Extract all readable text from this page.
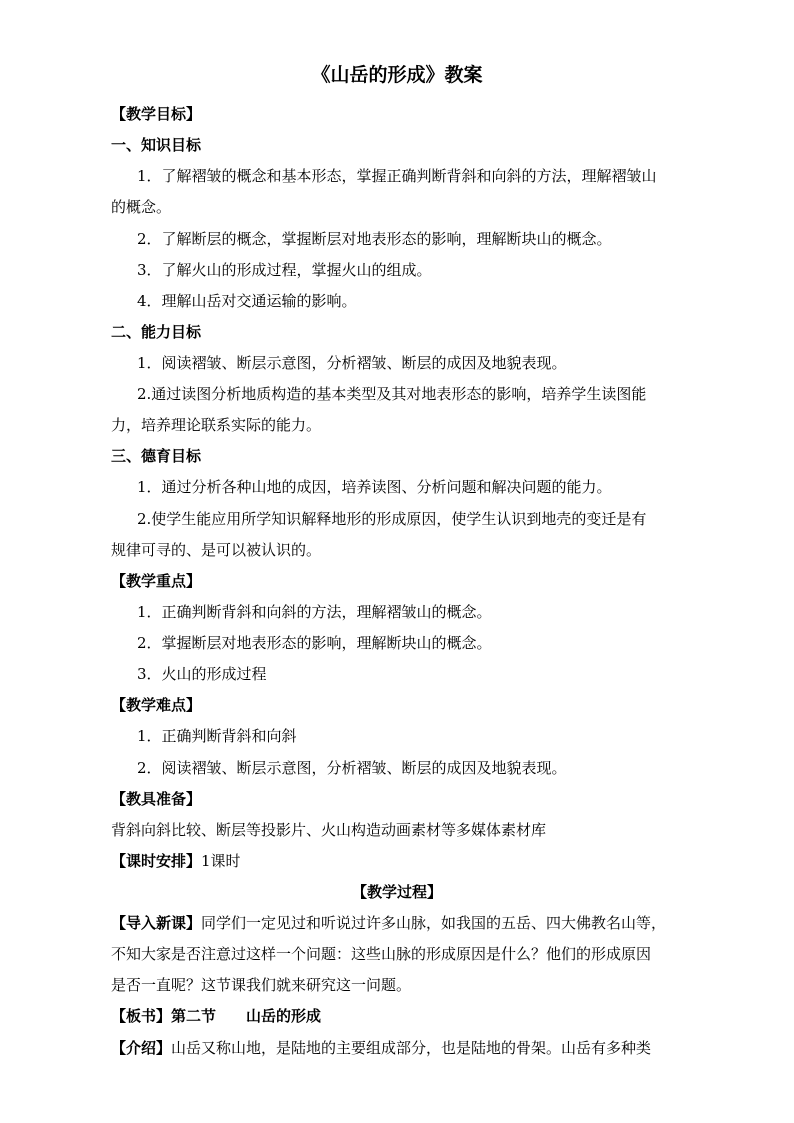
《山岳的形成》教案
【教学目标】
一、知识目标
1．了解褶皱的概念和基本形态，掌握正确判断背斜和向斜的方法，理解褶皱山
的概念。
2．了解断层的概念，掌握断层对地表形态的影响，理解断块山的概念。
3．了解火山的形成过程，掌握火山的组成。
4．理解山岳对交通运输的影响。
二、能力目标
1．阅读褶皱、断层示意图，分析褶皱、断层的成因及地貌表现。
2.通过读图分析地质构造的基本类型及其对地表形态的影响，培养学生读图能
力，培养理论联系实际的能力。
三、德育目标
1．通过分析各种山地的成因，培养读图、分析问题和解决问题的能力。
2.使学生能应用所学知识解释地形的形成原因，使学生认识到地壳的变迁是有
规律可寻的、是可以被认识的。
【教学重点】
1．正确判断背斜和向斜的方法，理解褶皱山的概念。
2．掌握断层对地表形态的影响，理解断块山的概念。
3．火山的形成过程
【教学难点】
1．正确判断背斜和向斜
2．阅读褶皱、断层示意图，分析褶皱、断层的成因及地貌表现。
【教具准备】
背斜向斜比较、断层等投影片、火山构造动画素材等多媒体素材库
【课时安排】1课时
【教学过程】
【导入新课】同学们一定见过和听说过许多山脉，如我国的五岳、四大佛教名山等，
不知大家是否注意过这样一个问题：这些山脉的形成原因是什么？他们的形成原因
是否一直呢？这节课我们就来研究这一问题。
【板书】第二节　　山岳的形成
【介绍】山岳又称山地，是陆地的主要组成部分，也是陆地的骨架。山岳有多种类
